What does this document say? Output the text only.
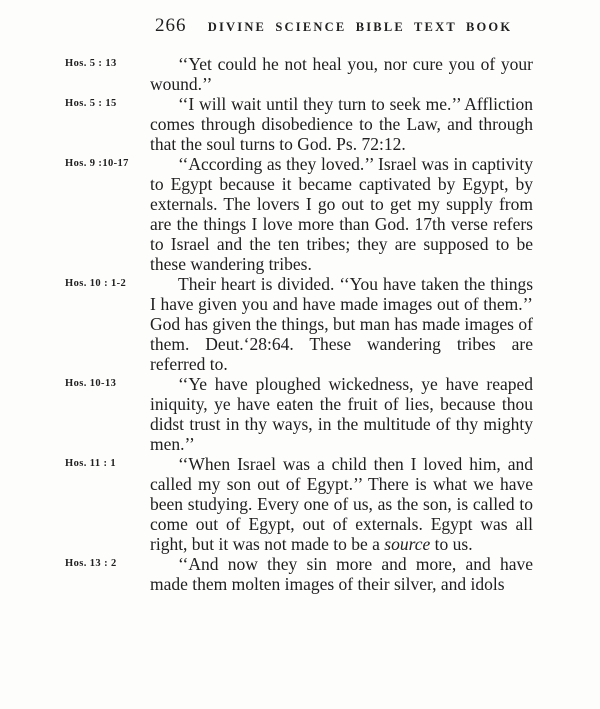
266 DIVINE SCIENCE BIBLE TEXT BOOK
Hos. 5 : 13	‘‘Yet could he not heal you, nor cure you of your wound.’’

Hos. 5 : 15	‘‘I will wait until they turn to seek me.’’ Affliction comes through disobedience to the Law, and through that the soul turns to God. Ps. 72:12.

Hos. 9 :10-17	‘‘According as they loved.’’ Israel was in captivity to Egypt because it became captivated by Egypt, by externals. The lovers I go out to get my supply from are the things I love more than God. 17th verse refers to Israel and the ten tribes; they are supposed to be these wandering tribes.

Hos. 10 : 1-2	Their heart is divided. ‘‘You have taken the things I have given you and have made images out of them.’’ God has given the things, but man has made images of them. Deut.‘28:64. These wandering tribes are referred to.

Hos. 10-13	‘‘Ye have ploughed wickedness, ye have reaped iniquity, ye have eaten the fruit of lies, because thou didst trust in thy ways, in the multitude of thy mighty men.’’

Hos. 11 : 1	‘‘When Israel was a child then I loved him, and called my son out of Egypt.’’ There is what we have been studying. Every one of us, as the son, is called to come out of Egypt, out of externals. Egypt was all right, but it was not made to be a source to us.

Hos. 13 : 2	‘‘And now they sin more and more, and have made them molten images of their silver, and idols
